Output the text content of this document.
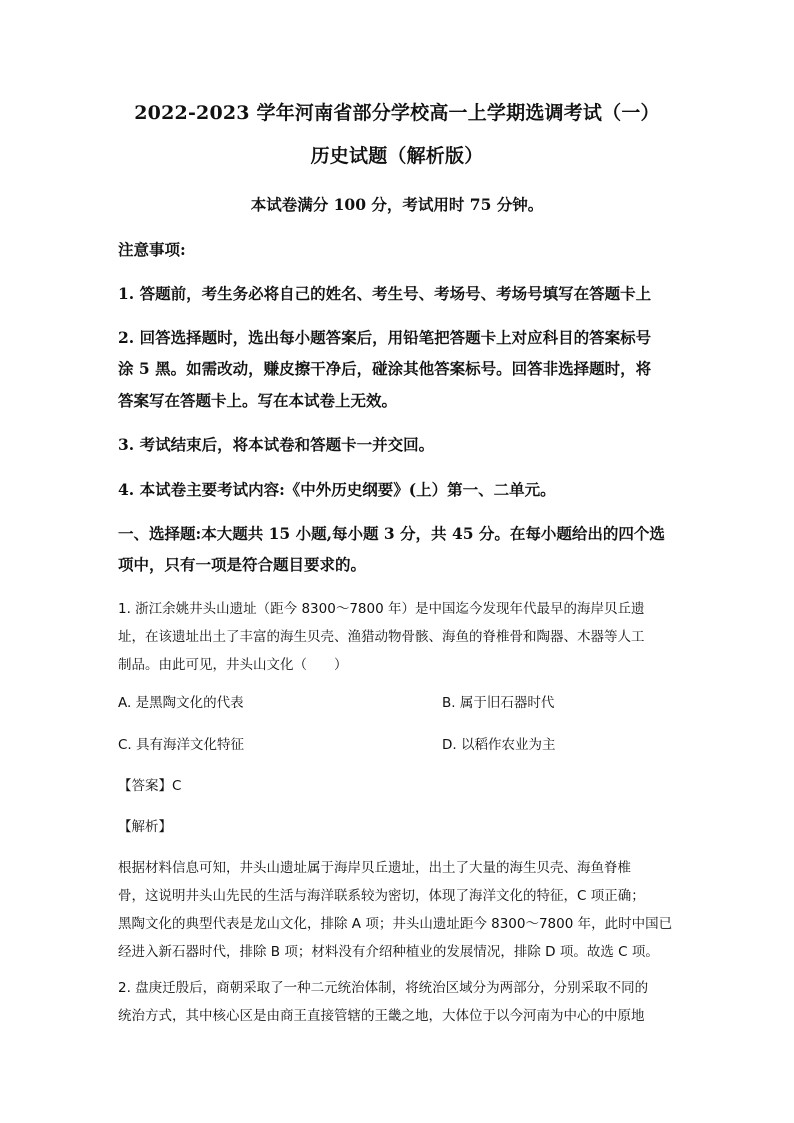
2022-2023 学年河南省部分学校高一上学期选调考试（一）
历史试题（解析版）
本试卷满分 100 分，考试用时 75 分钟。
注意事项:
1. 答题前，考生务必将自己的姓名、考生号、考场号、考场号填写在答题卡上
2. 回答选择题时，选出每小题答案后，用铅笔把答题卡上对应科目的答案标号
涂 5 黑。如需改动，赚皮擦干净后，碰涂其他答案标号。回答非选择题时，将
答案写在答题卡上。写在本试卷上无效。
3. 考试结束后，将本试卷和答题卡一并交回。
4. 本试卷主要考试内容:《中外历史纲要》(上）第一、二单元。
一、选择题:本大题共 15 小题,每小题 3 分，共 45 分。在每小题给出的四个选
项中，只有一项是符合题目要求的。
1. 浙江余姚井头山遗址（距今 8300～7800 年）是中国迄今发现年代最早的海岸贝丘遗
址，在该遗址出土了丰富的海生贝壳、渔猎动物骨骸、海鱼的脊椎骨和陶器、木器等人工
制品。由此可见，井头山文化（　　）
A. 是黑陶文化的代表	B. 属于旧石器时代
C. 具有海洋文化特征	D. 以稻作农业为主
【答案】C
【解析】
根据材料信息可知，井头山遗址属于海岸贝丘遗址，出土了大量的海生贝壳、海鱼脊椎
骨，这说明井头山先民的生活与海洋联系较为密切，体现了海洋文化的特征，C 项正确；
黑陶文化的典型代表是龙山文化，排除 A 项；井头山遗址距今 8300～7800 年，此时中国已
经进入新石器时代，排除 B 项；材料没有介绍种植业的发展情况，排除 D 项。故选 C 项。
2. 盘庚迁殷后，商朝采取了一种二元统治体制，将统治区域分为两部分，分别采取不同的
统治方式，其中核心区是由商王直接管辖的王畿之地，大体位于以今河南为中心的中原地
